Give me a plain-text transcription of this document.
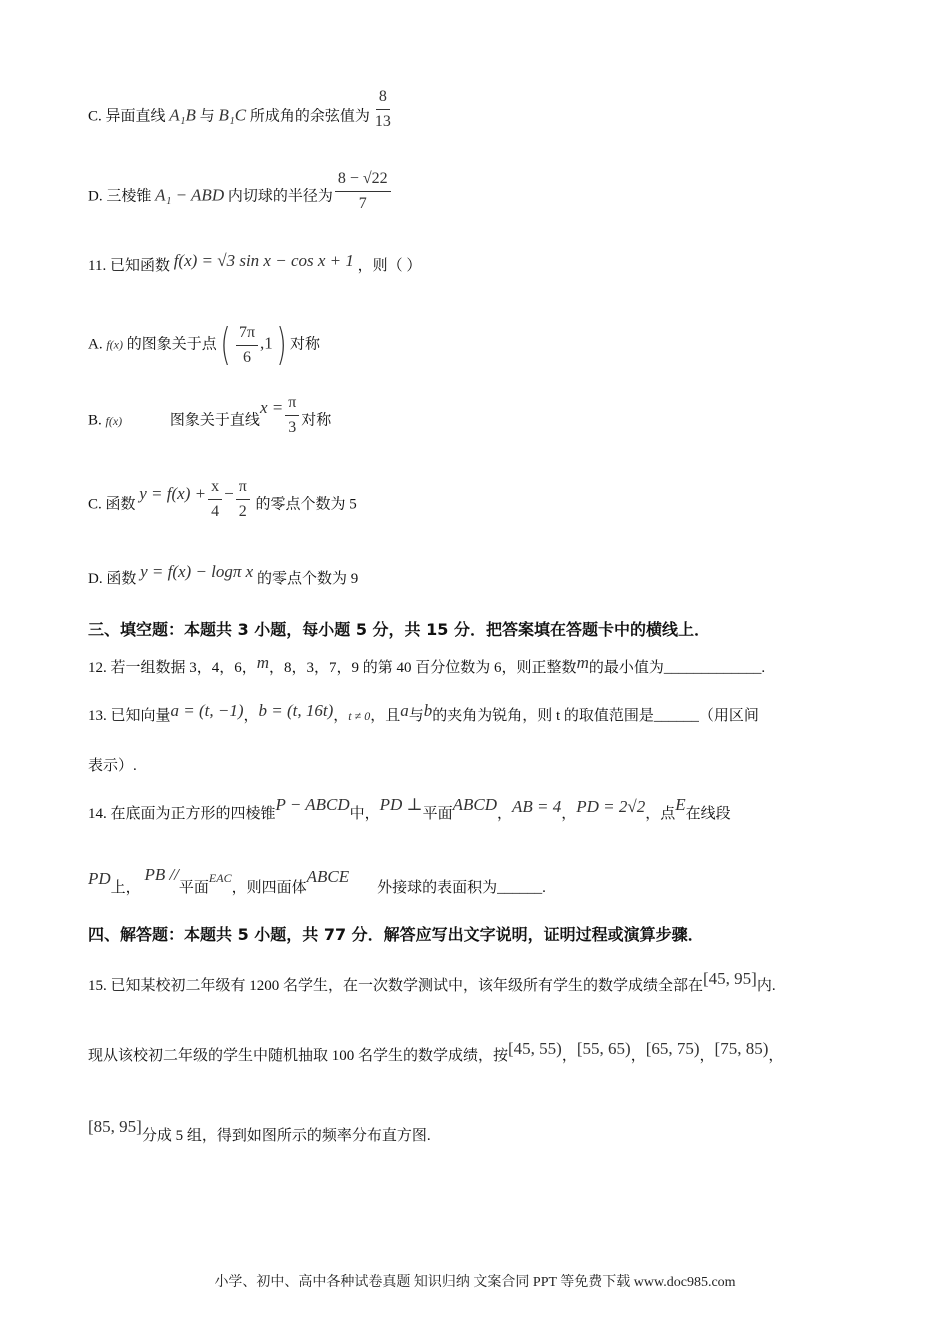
C. 异面直线 A₁B 与 B₁C 所成角的余弦值为 $\frac{8}{13}$
D. 三棱锥 A₁ − ABD 内切球的半径为 $\frac{8 - √22}{7}$
11. 已知函数 f(x) = √3 sin x − cos x + 1 ，则（ ）
A. f(x) 的图象关于点( $\frac{7\pi}{6} ,1$) 对称
B. f(x)	图象关于直线$x = \frac{\pi}{3}$ 对称
C. 函数 $y = f(x) + \frac{x}{4} - \frac{\pi}{2}$ 的零点个数为 5
D. 函数 y = f(x) − logπ x 的零点个数为 9
三、填空题：本题共 3 小题，每小题 5 分，共 15 分．把答案填在答题卡中的横线上．
12. 若一组数据 3，4，6，m，8，3，7，9 的第 40 百分位数为 6，则正整数m的最小值为_____________.
13. 已知向量a = (t, −1)，b = (t, 16t)，t ≠ 0，且a与b的夹角为锐角，则 t 的取值范围是______（用区间
表示）.
14. 在底面为正方形的四棱锥P − ABCD中，PD ⊥平面ABCD，AB = 4，PD = 2√2，点E在线段
PD上， PB //平面$^{EAC}$，则四面体ABCE外接球的表面积为______.
四、解答题：本题共 5 小题，共 77 分．解答应写出文字说明，证明过程或演算步骤．
15. 已知某校初二年级有 1200 名学生，在一次数学测试中，该年级所有学生的数学成绩全部在[45, 95]内.
现从该校初二年级的学生中随机抽取 100 名学生的数学成绩，按[45, 55)，[55, 65)，[65, 75)，[75, 85)，
[85, 95]分成 5 组，得到如图所示的频率分布直方图.
小学、初中、高中各种试卷真题 知识归纳 文案合同 PPT 等免费下载 www.doc985.com
